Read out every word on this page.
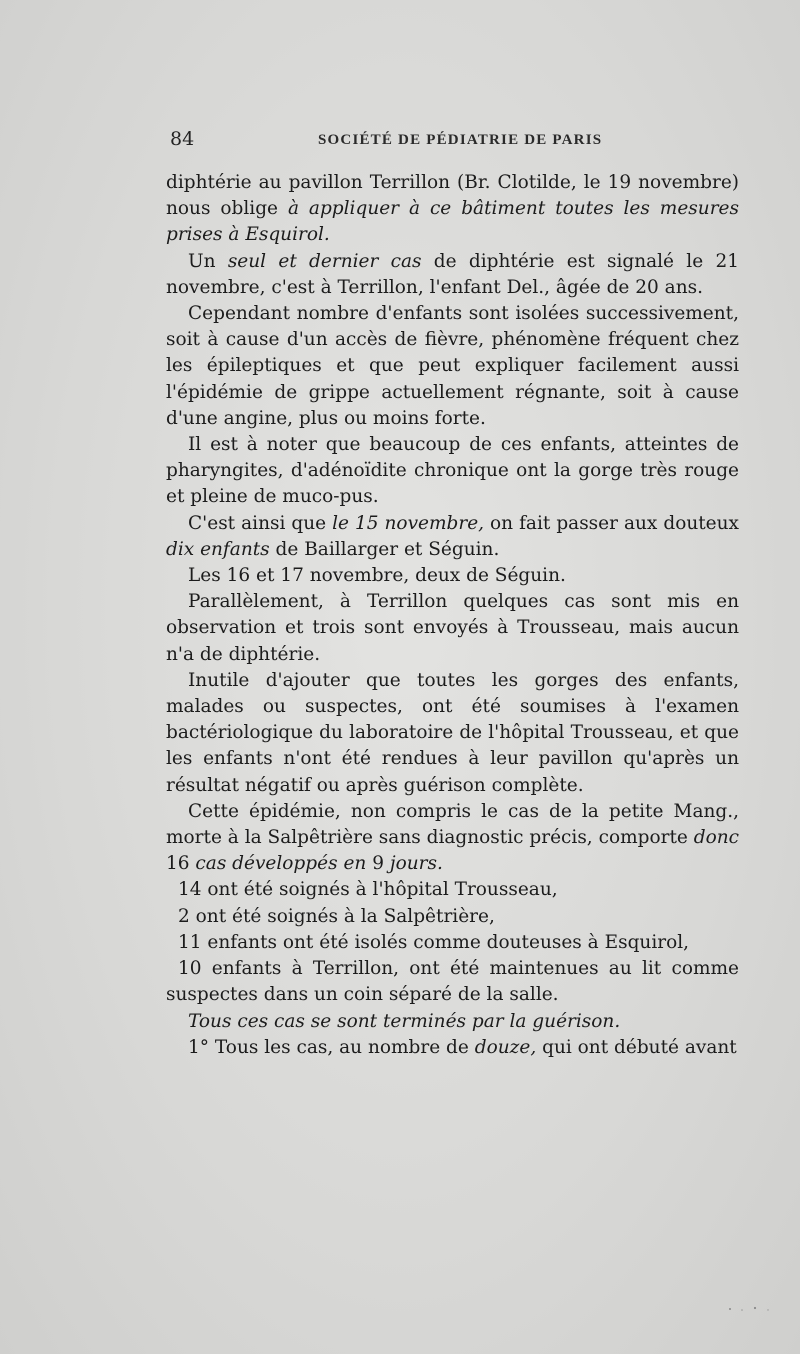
84	SOCIÉTÉ DE PÉDIATRIE DE PARIS

diphtérie au pavillon Terrillon (Br. Clotilde, le 19 novembre) nous oblige à appliquer à ce bâtiment toutes les mesures prises à Esquirol.

Un seul et dernier cas de diphtérie est signalé le 21 novembre, c'est à Terrillon, l'enfant Del., âgée de 20 ans.

Cependant nombre d'enfants sont isolées successivement, soit à cause d'un accès de fièvre, phénomène fréquent chez les épileptiques et que peut expliquer facilement aussi l'épidémie de grippe actuellement régnante, soit à cause d'une angine, plus ou moins forte.

Il est à noter que beaucoup de ces enfants, atteintes de pharyngites, d'adénoïdite chronique ont la gorge très rouge et pleine de muco-pus.

C'est ainsi que le 15 novembre, on fait passer aux douteux dix enfants de Baillarger et Séguin.

Les 16 et 17 novembre, deux de Séguin.

Parallèlement, à Terrillon quelques cas sont mis en observation et trois sont envoyés à Trousseau, mais aucun n'a de diphtérie.

Inutile d'ajouter que toutes les gorges des enfants, malades ou suspectes, ont été soumises à l'examen bactériologique du laboratoire de l'hôpital Trousseau, et que les enfants n'ont été rendues à leur pavillon qu'après un résultat négatif ou après guérison complète.

Cette épidémie, non compris le cas de la petite Mang., morte à la Salpêtrière sans diagnostic précis, comporte donc 16 cas développés en 9 jours.

14 ont été soignés à l'hôpital Trousseau,

2 ont été soignés à la Salpêtrière,

11 enfants ont été isolés comme douteuses à Esquirol,

10 enfants à Terrillon, ont été maintenues au lit comme suspectes dans un coin séparé de la salle.

Tous ces cas se sont terminés par la guérison.

1° Tous les cas, au nombre de douze, qui ont débuté avant
